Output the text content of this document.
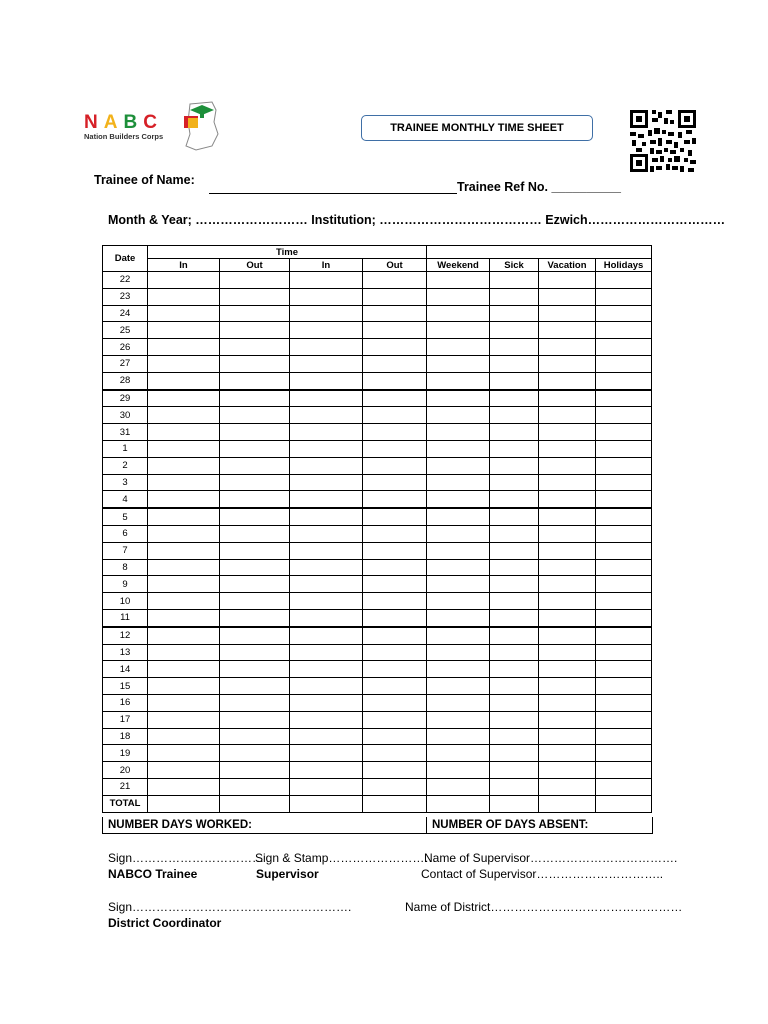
NABC
Nation Builders Corps
TRAINEE MONTHLY TIME SHEET
Trainee of Name:	Trainee Ref No. __________
Month & Year; ……………………… Institution; ………………………………… Ezwich……………………………
Date	Time							
	In	Out	In	Out	Weekend	Sick	Vacation	Holidays
22								
23								
24								
25								
26								
27								
28								
29								
30								
31								
1								
2								
3								
4								
5								
6								
7								
8								
9								
10								
11								
12								
13								
14								
15								
16								
17								
18								
19								
20								
21								
TOTAL								
NUMBER DAYS WORKED:	NUMBER OF DAYS ABSENT:
Sign……………………………
NABCO Trainee
Sign & Stamp………………………
Supervisor
Name of Supervisor……………………………….
Contact of Supervisor…………………………..
Sign……………………………………………….
District Coordinator
Name of District…………………………………………
